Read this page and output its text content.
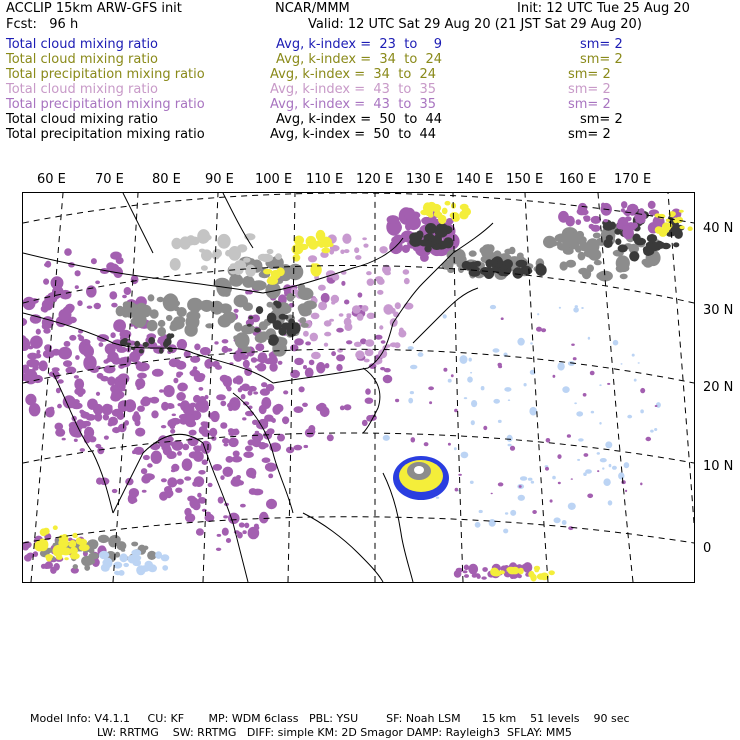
ACCLIP 15km ARW-GFS init	NCAR/MMM	Init: 12 UTC Tue 25 Aug 20
Fcst:   96 h	Valid: 12 UTC Sat 29 Aug 20 (21 JST Sat 29 Aug 20)
Total cloud mixing ratio	Avg, k-index =  23  to    9	sm= 2
Total cloud mixing ratio	Avg, k-index =  34  to  24	sm= 2
Total precipitation mixing ratio	Avg, k-index =  34  to  24	sm= 2
Total cloud mixing ratio	Avg, k-index =  43  to  35	sm= 2
Total precipitation mixing ratio	Avg, k-index =  43  to  35	sm= 2
Total cloud mixing ratio	Avg, k-index =  50  to  44	sm= 2
Total precipitation mixing ratio	Avg, k-index =  50  to  44	sm= 2
60 E 70 E 80 E 90 E 100 E 110 E 120 E 130 E 140 E 150 E 160 E 170 E
40 N
30 N
20 N
10 N
0
Model Info: V4.1.1     CU: KF       MP: WDM 6class   PBL: YSU        SF: Noah LSM      15 km    51 levels    90 sec
LW: RRTMG    SW: RRTMG   DIFF: simple KM: 2D Smagor DAMP: Rayleigh3  SFLAY: MM5
